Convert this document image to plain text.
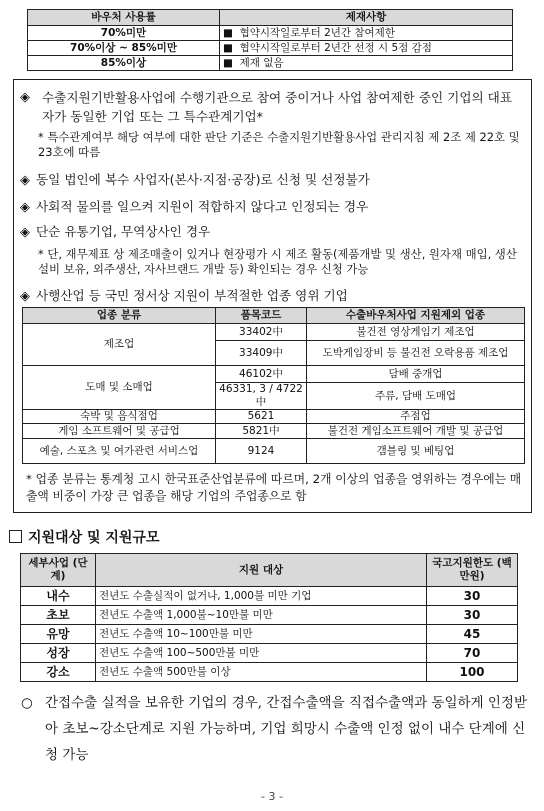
바우처 사용률	제재사항
70%미만	■ 협약시작일로부터 2년간 참여제한
70%이상 ~ 85%미만	■ 협약시작일로부터 2년간 선정 시 5점 감점
85%이상	■ 제재 없음
◈ 수출지원기반활용사업에 수행기관으로 참여 중이거나 사업 참여제한 중인 기업의 대표자가 동일한 기업 또는 그 특수관계기업*
* 특수관계여부 해당 여부에 대한 판단 기준은 수출지원기반활용사업 관리지침 제 2조 제 22호 및 23호에 따름
◈ 동일 법인에 복수 사업자(본사·지점·공장)로 신청 및 선정불가
◈ 사회적 물의를 일으켜 지원이 적합하지 않다고 인정되는 경우
◈ 단순 유통기업, 무역상사인 경우
* 단, 재무제표 상 제조매출이 있거나 현장평가 시 제조 활동(제품개발 및 생산, 원자재 매입, 생산설비 보유, 외주생산, 자사브랜드 개발 등) 확인되는 경우 신청 가능
◈ 사행산업 등 국민 정서상 지원이 부적절한 업종 영위 기업
업종 분류	품목코드	수출바우처사업 지원제외 업종
제조업	33402中	불건전 영상게임기 제조업
	33409中	도박게임장비 등 불건전 오락용품 제조업
도매 및 소매업	46102中	담배 중개업
	46331, 3 / 4722中	주류, 담배 도매업
숙박 및 음식점업	5621	주점업
게임 소프트웨어 및 공급업	5821中	불건전 게임소프트웨어 개발 및 공급업
예술, 스포츠 및 여가관련 서비스업	9124	갬블링 및 베팅업
* 업종 분류는 통계청 고시 한국표준산업분류에 따르며, 2개 이상의 업종을 영위하는 경우에는 매출액 비중이 가장 큰 업종을 해당 기업의 주업종으로 함
지원대상 및 지원규모
세부사업 (단계)	지원 대상	국고지원한도 (백만원)
내수	전년도 수출실적이 없거나, 1,000불 미만 기업	30
초보	전년도 수출액 1,000불~10만불 미만	30
유망	전년도 수출액 10~100만불 미만	45
성장	전년도 수출액 100~500만불 미만	70
강소	전년도 수출액 500만불 이상	100
○ 간접수출 실적을 보유한 기업의 경우, 간접수출액을 직접수출액과 동일하게 인정받아 초보~강소단계로 지원 가능하며, 기업 희망시 수출액 인정 없이 내수 단계에 신청 가능
- 3 -
